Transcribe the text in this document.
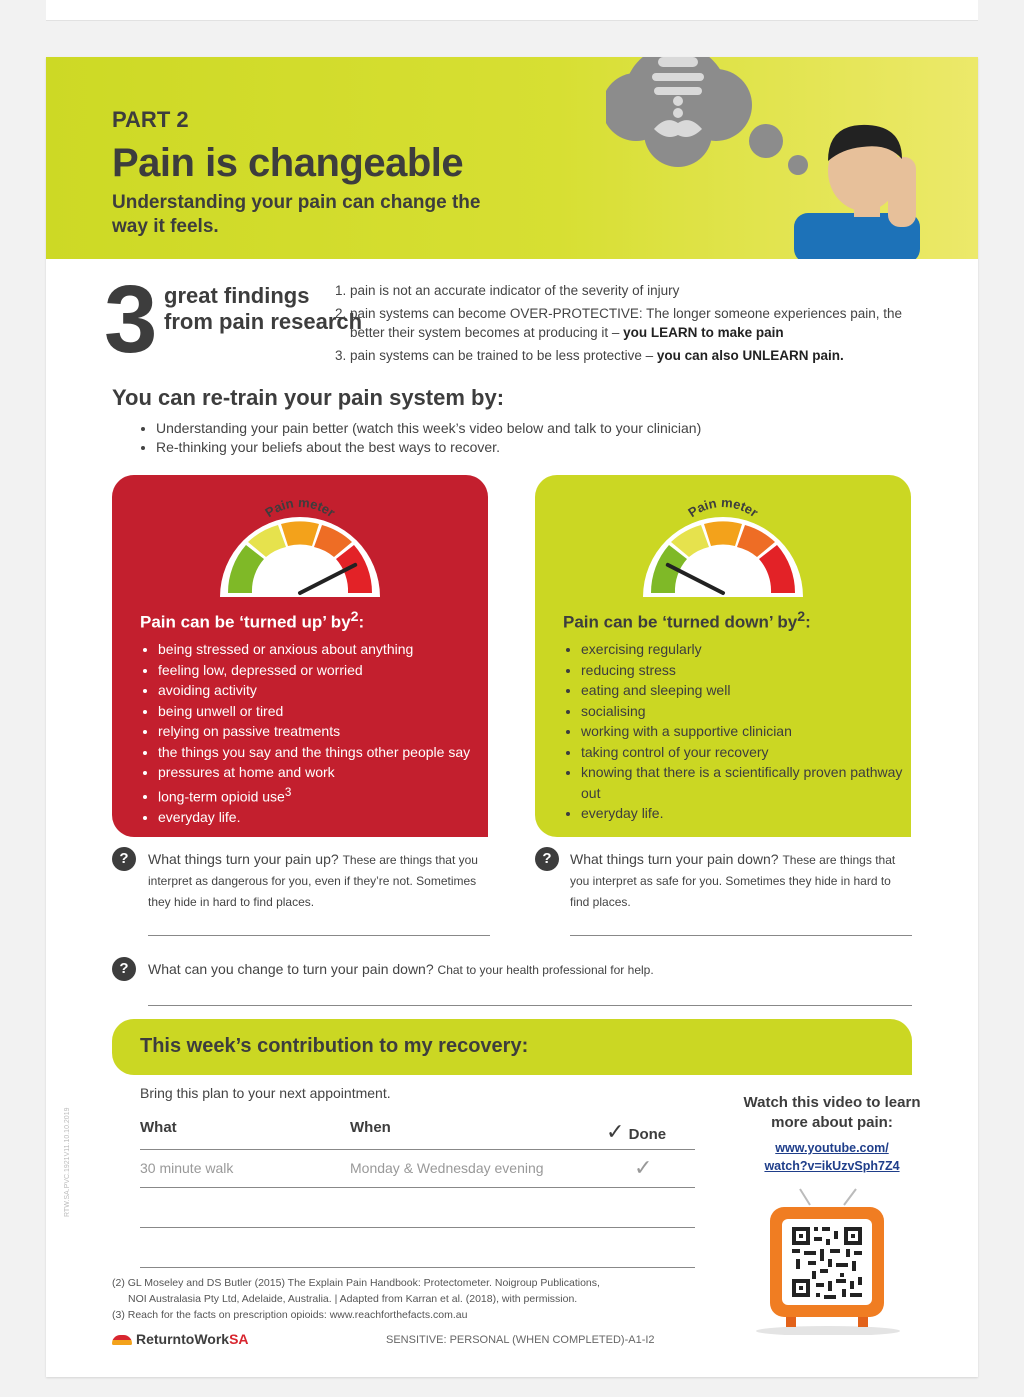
PART 2
Pain is changeable
Understanding your pain can change the way it feels.
3 great findings from pain research
1. pain is not an accurate indicator of the severity of injury
2. pain systems can become OVER-PROTECTIVE: The longer someone experiences pain, the better their system becomes at producing it – you LEARN to make pain
3. pain systems can be trained to be less protective – you can also UNLEARN pain.
You can re-train your pain system by:
• Understanding your pain better (watch this week’s video below and talk to your clinician)
• Re-thinking your beliefs about the best ways to recover.
Pain meter
Pain can be ‘turned up’ $by^2$:
• being stressed or anxious about anything
• feeling low, depressed or worried
• avoiding activity
• being unwell or tired
• relying on passive treatments
• the things you say and the things other people say
• pressures at home and work
• long-term opioid use$^3$
• everyday life.
Pain meter
Pain can be ‘turned down’ $by^2$:
• exercising regularly
• reducing stress
• eating and sleeping well
• socialising
• working with a supportive clinician
• taking control of your recovery
• knowing that there is a scientifically proven pathway out
• everyday life.
?	What things turn your pain up? These are things that you interpret as dangerous for you, even if they’re not. Sometimes they hide in hard to find places.
?	What things turn your pain down? These are things that you interpret as safe for you. Sometimes they hide in hard to find places.
?	What can you change to turn your pain down? Chat to your health professional for help.
This week’s contribution to my recovery:
Bring this plan to your next appointment.
What	When	✓ Done
30 minute walk	Monday & Wednesday evening	✓
Watch this video to learn more about pain:
www.youtube.com/
watch?v=ikUzvSph7Z4
(2) GL Moseley and DS Butler (2015) The Explain Pain Handbook: Protectometer. Noigroup Publications,
NOI Australasia Pty Ltd, Adelaide, Australia. | Adapted from Karran et al. (2018), with permission.
(3) Reach for the facts on prescription opioids: www.reachforthefacts.com.au
ReturntoWorkSA	SENSITIVE: PERSONAL (WHEN COMPLETED)-A1-I2
RTW.SA.PVC.1921V11.10.10.2019
